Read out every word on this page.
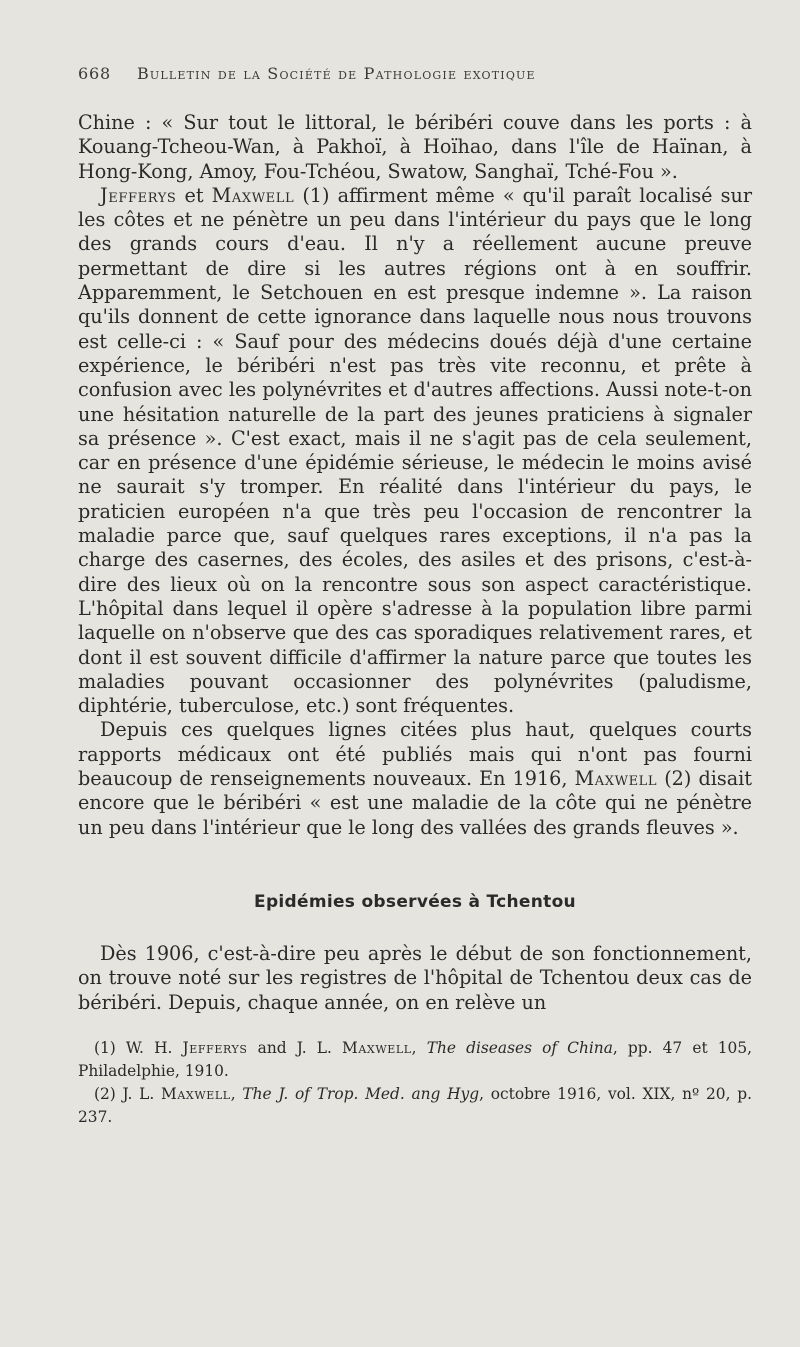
668 Bulletin de la Société de Pathologie exotique

Chine : « Sur tout le littoral, le béribéri couve dans les ports : à Kouang-Tcheou-Wan, à Pakhoï, à Hoïhao, dans l'île de Haïnan, à Hong-Kong, Amoy, Fou-Tchéou, Swatow, Sanghaï, Tché-Fou ».

Jefferys et Maxwell (1) affirment même « qu'il paraît localisé sur les côtes et ne pénètre un peu dans l'intérieur du pays que le long des grands cours d'eau. Il n'y a réellement aucune preuve permettant de dire si les autres régions ont à en souffrir. Apparemment, le Setchouen en est presque indemne ». La raison qu'ils donnent de cette ignorance dans laquelle nous nous trouvons est celle-ci : « Sauf pour des médecins doués déjà d'une certaine expérience, le béribéri n'est pas très vite reconnu, et prête à confusion avec les polynévrites et d'autres affections. Aussi note-t-on une hésitation naturelle de la part des jeunes praticiens à signaler sa présence ». C'est exact, mais il ne s'agit pas de cela seulement, car en présence d'une épidémie sérieuse, le médecin le moins avisé ne saurait s'y tromper. En réalité dans l'intérieur du pays, le praticien européen n'a que très peu l'occasion de rencontrer la maladie parce que, sauf quelques rares exceptions, il n'a pas la charge des casernes, des écoles, des asiles et des prisons, c'est-à-dire des lieux où on la rencontre sous son aspect caractéristique. L'hôpital dans lequel il opère s'adresse à la population libre parmi laquelle on n'observe que des cas sporadiques relativement rares, et dont il est souvent difficile d'affirmer la nature parce que toutes les maladies pouvant occasionner des polynévrites (paludisme, diphtérie, tuberculose, etc.) sont fréquentes.

Depuis ces quelques lignes citées plus haut, quelques courts rapports médicaux ont été publiés mais qui n'ont pas fourni beaucoup de renseignements nouveaux. En 1916, Maxwell (2) disait encore que le béribéri « est une maladie de la côte qui ne pénètre un peu dans l'intérieur que le long des vallées des grands fleuves ».

Epidémies observées à Tchentou

Dès 1906, c'est-à-dire peu après le début de son fonctionnement, on trouve noté sur les registres de l'hôpital de Tchentou deux cas de béribéri. Depuis, chaque année, on en relève un

(1) W. H. Jefferys and J. L. Maxwell, The diseases of China, pp. 47 et 105, Philadelphie, 1910.

(2) J. L. Maxwell, The J. of Trop. Med. ang Hyg, octobre 1916, vol. XIX, nº 20, p. 237.
